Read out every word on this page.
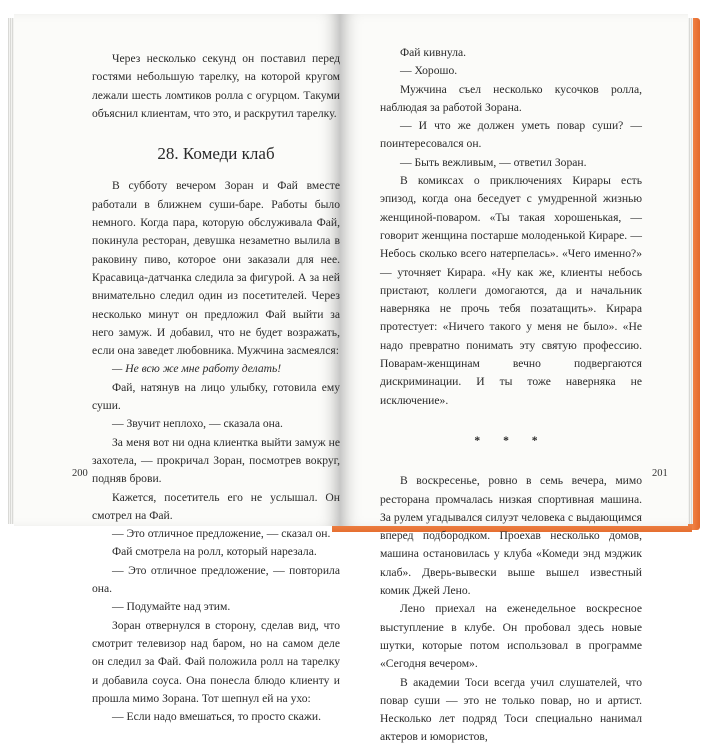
Через несколько секунд он поставил перед гостями небольшую тарелку, на которой кругом лежали шесть ломтиков ролла с огурцом. Такуми объяснил клиентам, что это, и раскрутил тарелку.

28. Комеди клаб

В субботу вечером Зоран и Фай вместе работали в ближнем суши-баре. Работы было немного. Когда пара, которую обслуживала Фай, покинула ресторан, девушка незаметно вылила в раковину пиво, которое они заказали для нее. Красавица-датчанка следила за фигурой. А за ней внимательно следил один из посетителей. Через несколько минут он предложил Фай выйти за него замуж. И добавил, что не будет возражать, если она заведет любовника. Мужчина засмеялся:

— Не всю же мне работу делать!

Фай, натянув на лицо улыбку, готовила ему суши.

— Звучит неплохо, — сказала она.

За меня вот ни одна клиентка выйти замуж не захотела, — прокричал Зоран, посмотрев вокруг, подняв брови.

Кажется, посетитель его не услышал. Он смотрел на Фай.

— Это отличное предложение, — сказал он.

Фай смотрела на ролл, который нарезала.

— Это отличное предложение, — повторила она.

— Подумайте над этим.

Зоран отвернулся в сторону, сделав вид, что смотрит телевизор над баром, но на самом деле он следил за Фай. Фай положила ролл на тарелку и добавила соуса. Она понесла блюдо клиенту и прошла мимо Зорана. Тот шепнул ей на ухо:

— Если надо вмешаться, то просто скажи.

200

Фай кивнула.

— Хорошо.

Мужчина съел несколько кусочков ролла, наблюдая за работой Зорана.

— И что же должен уметь повар суши? — поинтересовался он.

— Быть вежливым, — ответил Зоран.

В комиксах о приключениях Кирары есть эпизод, когда она беседует с умудренной жизнью женщиной-поваром. «Ты такая хорошенькая, — говорит женщина постарше молоденькой Кираре. — Небось сколько всего натерпелась». «Чего именно?» — уточняет Кирара. «Ну как же, клиенты небось пристают, коллеги домогаются, да и начальник наверняка не прочь тебя позатащить». Кирара протестует: «Ничего такого у меня не было». «Не надо превратно понимать эту святую профессию. Поварам-женщинам вечно подвергаются дискриминации. И ты тоже наверняка не исключение».

* * *

В воскресенье, ровно в семь вечера, мимо ресторана промчалась низкая спортивная машина. За рулем угадывался силуэт человека с выдающимся вперед подбородком. Проехав несколько домов, машина остановилась у клуба «Комеди энд мэджик клаб». Дверь-вывески выше вышел известный комик Джей Лено.

Лено приехал на еженедельное воскресное выступление в клубе. Он пробовал здесь новые шутки, которые потом использовал в программе «Сегодня вечером».

В академии Тоси всегда учил слушателей, что повар суши — это не только повар, но и артист. Несколько лет подряд Тоси специально нанимал актеров и юмористов,

201
